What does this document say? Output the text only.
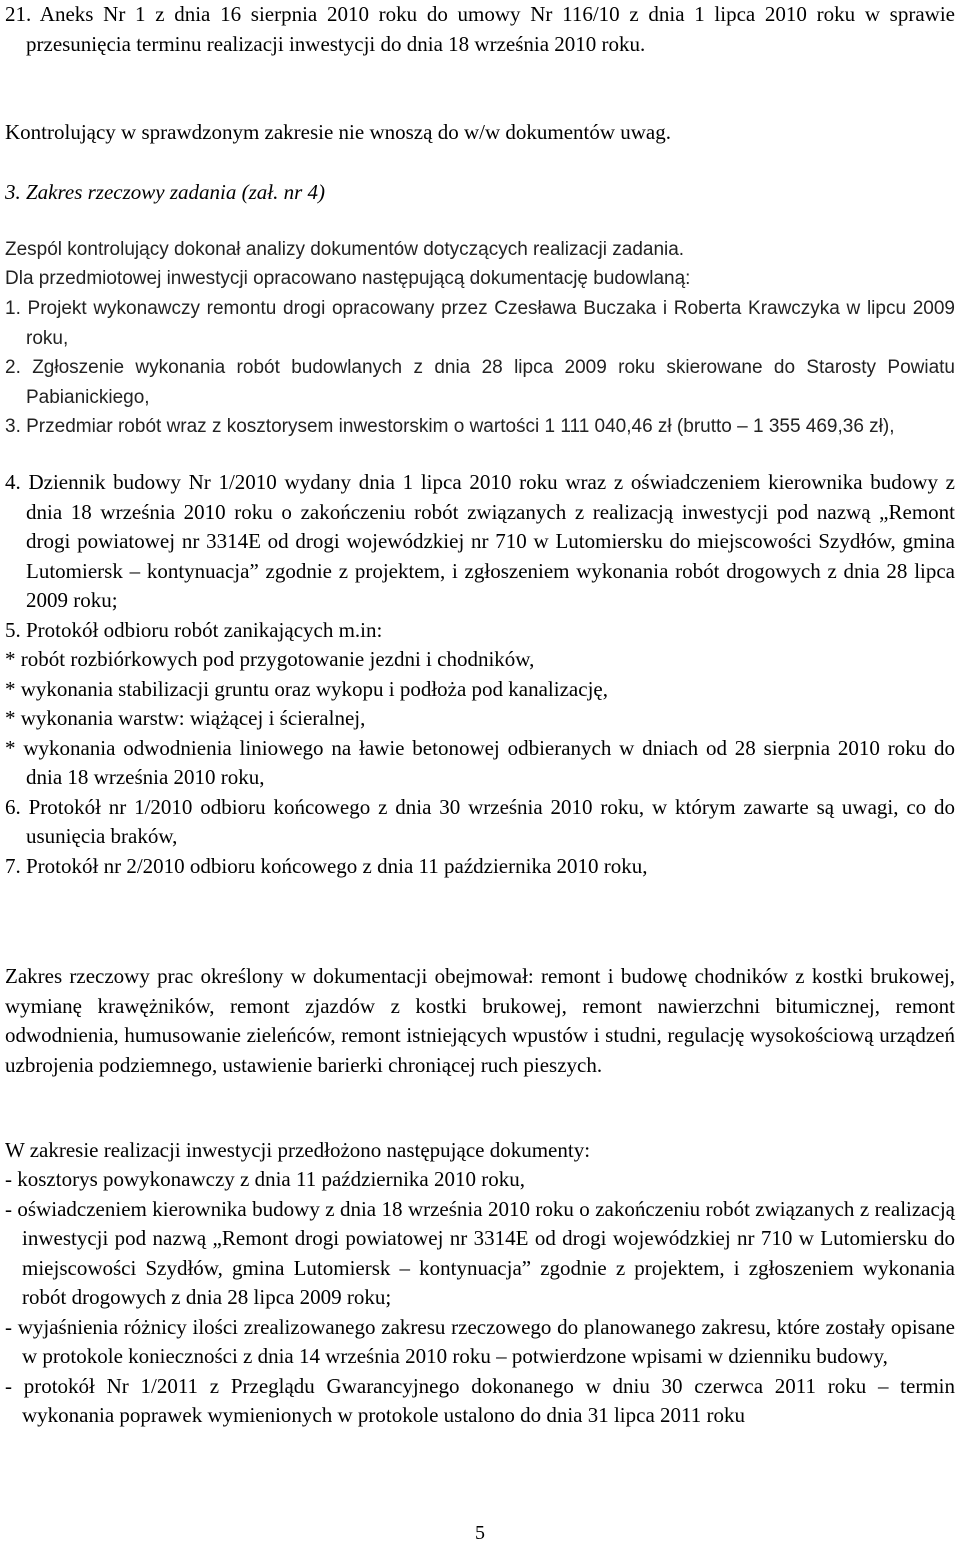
21. Aneks Nr 1 z dnia 16 sierpnia 2010 roku do umowy Nr 116/10 z dnia 1 lipca 2010 roku w sprawie przesunięcia terminu realizacji inwestycji do dnia 18 września 2010 roku.

Kontrolujący w sprawdzonym zakresie nie wnoszą do w/w dokumentów uwag.

3. Zakres rzeczowy zadania (zał. nr 4)

Zespól kontrolujący dokonał analizy dokumentów dotyczących realizacji zadania.

Dla przedmiotowej inwestycji opracowano następującą dokumentację budowlaną:

1. Projekt wykonawczy remontu drogi opracowany przez Czesława Buczaka i Roberta Krawczyka w lipcu 2009 roku,
2. Zgłoszenie wykonania robót budowlanych z dnia 28 lipca 2009 roku skierowane do Starosty Powiatu Pabianickiego,
3. Przedmiar robót wraz z kosztorysem inwestorskim o wartości 1 111 040,46 zł (brutto – 1 355 469,36 zł),
4. Dziennik budowy Nr 1/2010 wydany dnia 1 lipca 2010 roku wraz z oświadczeniem kierownika budowy z dnia 18 września 2010 roku o zakończeniu robót związanych z realizacją inwestycji pod nazwą „Remont drogi powiatowej nr 3314E od drogi wojewódzkiej nr 710 w Lutomiersku do miejscowości Szydłów, gmina Lutomiersk – kontynuacja” zgodnie z projektem, i zgłoszeniem wykonania robót drogowych z dnia 28 lipca 2009 roku;
5. Protokół odbioru robót zanikających m.in:
* robót rozbiórkowych pod przygotowanie jezdni i chodników,
* wykonania stabilizacji gruntu oraz wykopu i podłoża pod kanalizację,
* wykonania warstw: wiążącej i ścieralnej,
* wykonania odwodnienia liniowego na ławie betonowej odbieranych w dniach od 28 sierpnia 2010 roku do dnia 18 września 2010 roku,
6. Protokół nr 1/2010 odbioru końcowego z dnia 30 września 2010 roku, w którym zawarte są uwagi, co do usunięcia braków,
7. Protokół nr 2/2010 odbioru końcowego z dnia 11 października 2010 roku,

Zakres rzeczowy prac określony w dokumentacji obejmował: remont i budowę chodników z kostki brukowej, wymianę krawężników, remont zjazdów z kostki brukowej, remont nawierzchni bitumicznej, remont odwodnienia, humusowanie zieleńców, remont istniejących wpustów i studni, regulację wysokościową urządzeń uzbrojenia podziemnego, ustawienie barierki chroniącej ruch pieszych.

W zakresie realizacji inwestycji przedłożono następujące dokumenty:

- kosztorys powykonawczy z dnia 11 października 2010 roku,
- oświadczeniem kierownika budowy z dnia 18 września 2010 roku o zakończeniu robót związanych z realizacją inwestycji pod nazwą „Remont drogi powiatowej nr 3314E od drogi wojewódzkiej nr 710 w Lutomiersku do miejscowości Szydłów, gmina Lutomiersk – kontynuacja” zgodnie z projektem, i zgłoszeniem wykonania robót drogowych z dnia 28 lipca 2009 roku;
- wyjaśnienia różnicy ilości zrealizowanego zakresu rzeczowego do planowanego zakresu, które zostały opisane w protokole konieczności z dnia 14 września 2010 roku – potwierdzone wpisami w dzienniku budowy,
- protokół Nr 1/2011 z Przeglądu Gwarancyjnego dokonanego w dniu 30 czerwca 2011 roku – termin wykonania poprawek wymienionych w protokole ustalono do dnia 31 lipca 2011 roku
5
